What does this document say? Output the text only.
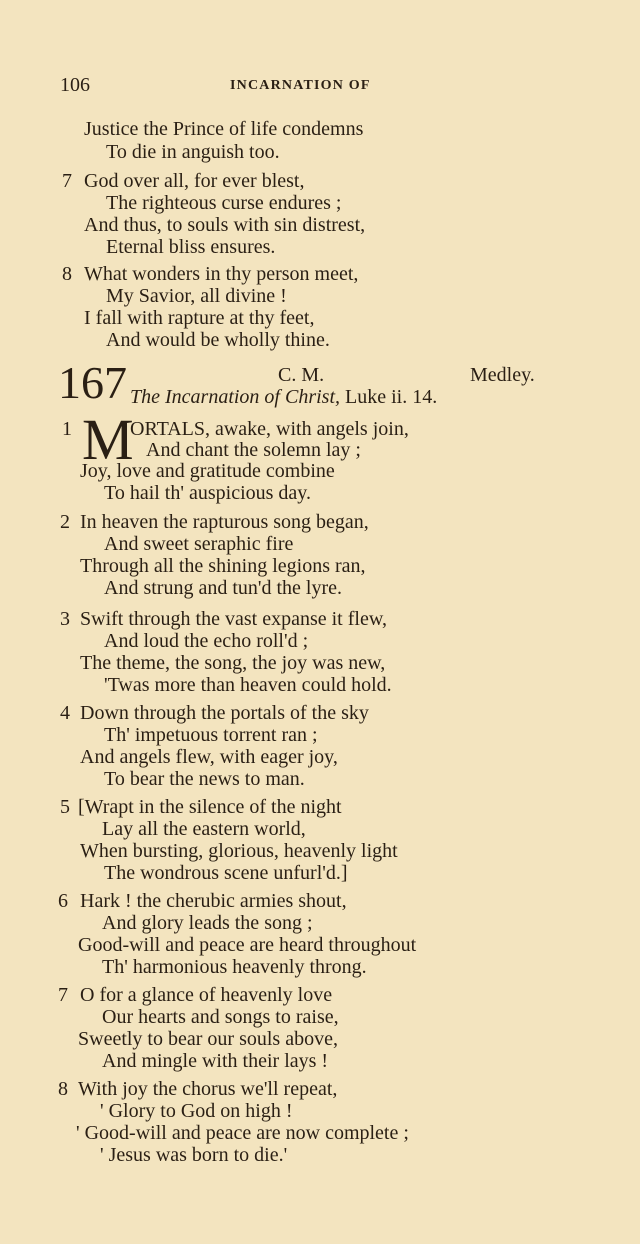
106	INCARNATION OF
Justice the Prince of life condemns
To die in anguish too.
7 God over all, for ever blest,
The righteous curse endures ;
And thus, to souls with sin distrest,
Eternal bliss ensures.
8 What wonders in thy person meet,
My Savior, all divine !
I fall with rapture at thy feet,
And would be wholly thine.
167	C. M.	Medley.
The Incarnation of Christ, Luke ii. 14.
1 M
ORTALS, awake, with angels join,
And chant the solemn lay ;
Joy, love and gratitude combine
To hail th' auspicious day.
2 In heaven the rapturous song began,
And sweet seraphic fire
Through all the shining legions ran,
And strung and tun'd the lyre.
3 Swift through the vast expanse it flew,
And loud the echo roll'd ;
The theme, the song, the joy was new,
'Twas more than heaven could hold.
4 Down through the portals of the sky
Th' impetuous torrent ran ;
And angels flew, with eager joy,
To bear the news to man.
5 [Wrapt in the silence of the night
Lay all the eastern world,
When bursting, glorious, heavenly light
The wondrous scene unfurl'd.]
6 Hark ! the cherubic armies shout,
And glory leads the song ;
Good-will and peace are heard throughout
Th' harmonious heavenly throng.
7 O for a glance of heavenly love
Our hearts and songs to raise,
Sweetly to bear our souls above,
And mingle with their lays !
8 With joy the chorus we'll repeat,
' Glory to God on high !
' Good-will and peace are now complete ;
' Jesus was born to die.'
